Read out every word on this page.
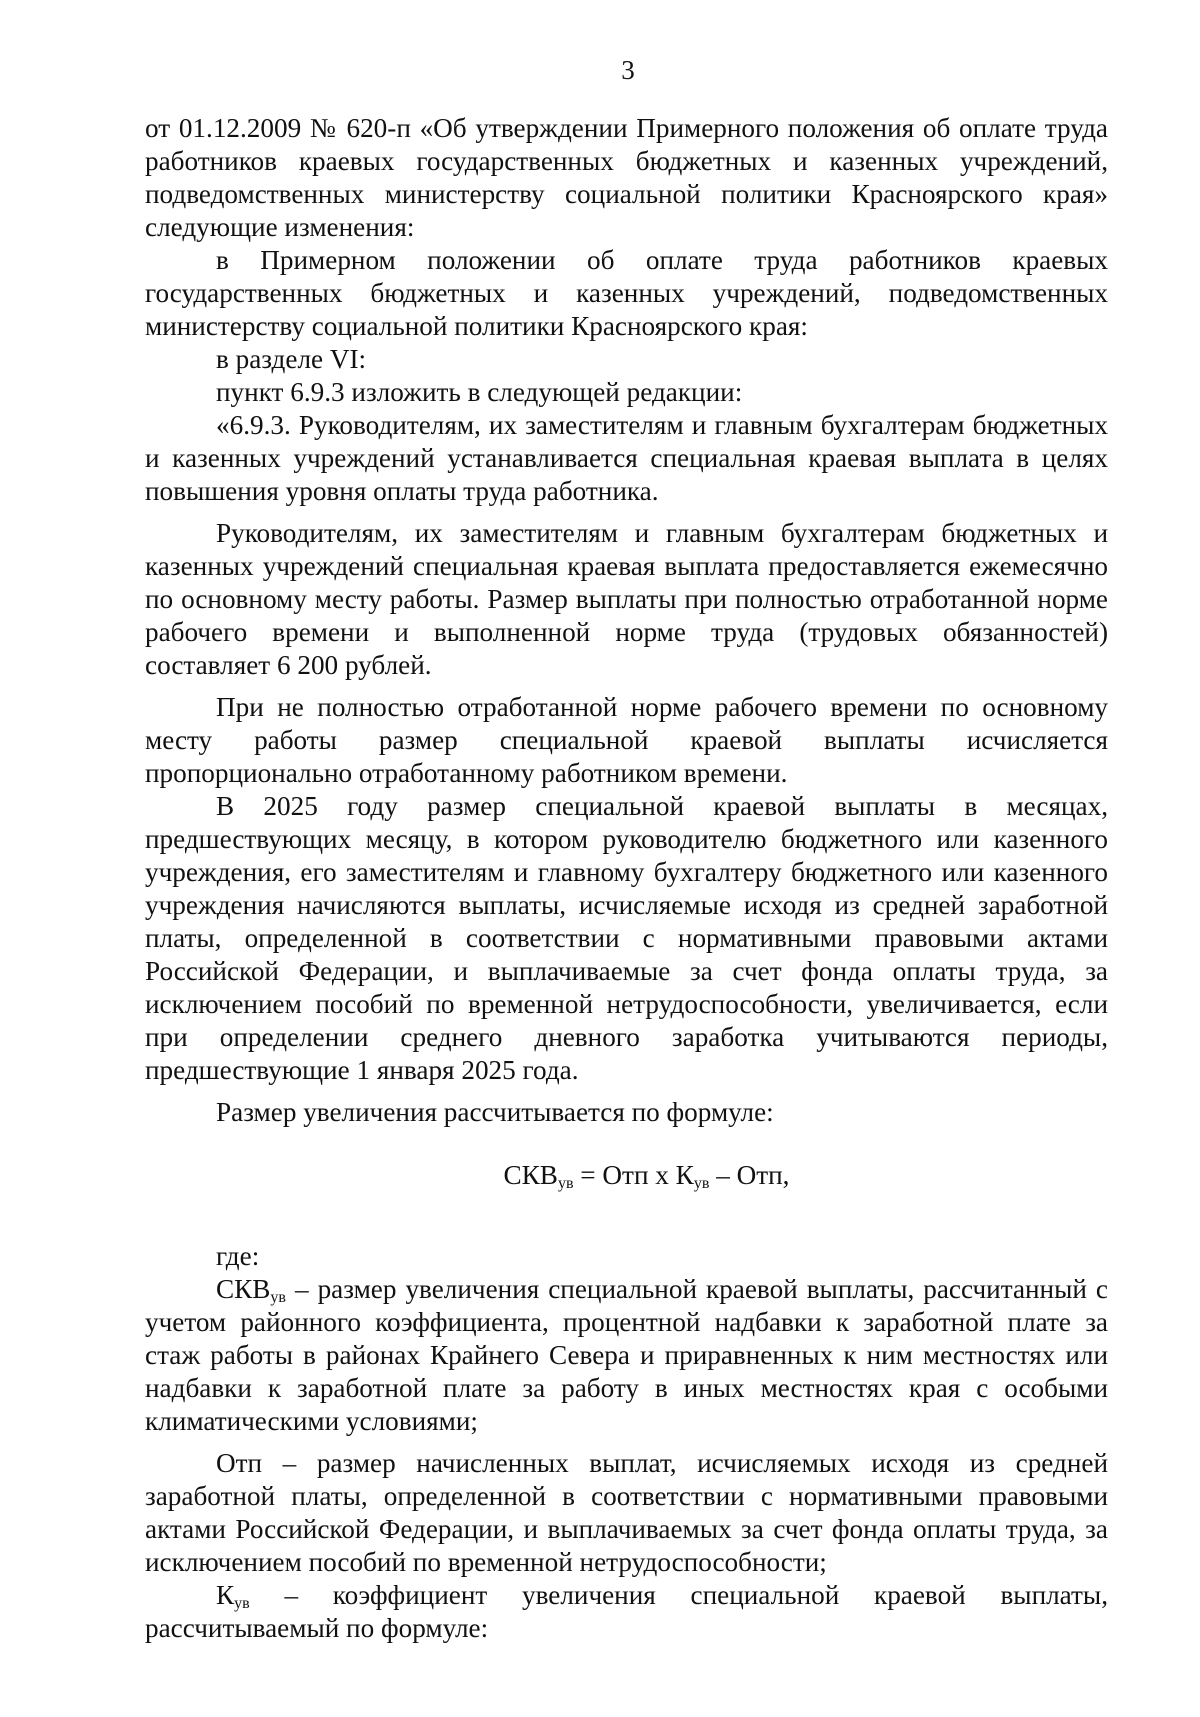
3

от 01.12.2009 № 620-п «Об утверждении Примерного положения об оплате труда работников краевых государственных бюджетных и казенных учреждений, подведомственных министерству социальной политики Красноярского края» следующие изменения:

в Примерном положении об оплате труда работников краевых государственных бюджетных и казенных учреждений, подведомственных министерству социальной политики Красноярского края:

в разделе VI:

пункт 6.9.3 изложить в следующей редакции:

«6.9.3. Руководителям, их заместителям и главным бухгалтерам бюджетных и казенных учреждений устанавливается специальная краевая выплата в целях повышения уровня оплаты труда работника.

Руководителям, их заместителям и главным бухгалтерам бюджетных и казенных учреждений специальная краевая выплата предоставляется ежемесячно по основному месту работы. Размер выплаты при полностью отработанной норме рабочего времени и выполненной норме труда (трудовых обязанностей) составляет 6 200 рублей.

При не полностью отработанной норме рабочего времени по основному месту работы размер специальной краевой выплаты исчисляется пропорционально отработанному работником времени.

В 2025 году размер специальной краевой выплаты в месяцах, предшествующих месяцу, в котором руководителю бюджетного или казенного учреждения, его заместителям и главному бухгалтеру бюджетного или казенного учреждения начисляются выплаты, исчисляемые исходя из средней заработной платы, определенной в соответствии с нормативными правовыми актами Российской Федерации, и выплачиваемые за счет фонда оплаты труда, за исключением пособий по временной нетрудоспособности, увеличивается, если при определении среднего дневного заработка учитываются периоды, предшествующие 1 января 2025 года.

Размер увеличения рассчитывается по формуле:

$СКВ_{ув}$ = Отп х $К_{ув}$ – Отп,

где:

$СКВ_{ув}$ – размер увеличения специальной краевой выплаты, рассчитанный с учетом районного коэффициента, процентной надбавки к заработной плате за стаж работы в районах Крайнего Севера и приравненных к ним местностях или надбавки к заработной плате за работу в иных местностях края с особыми климатическими условиями;

Отп – размер начисленных выплат, исчисляемых исходя из средней заработной платы, определенной в соответствии с нормативными правовыми актами Российской Федерации, и выплачиваемых за счет фонда оплаты труда, за исключением пособий по временной нетрудоспособности;

$К_{ув}$ – коэффициент увеличения специальной краевой выплаты, рассчитываемый по формуле:
